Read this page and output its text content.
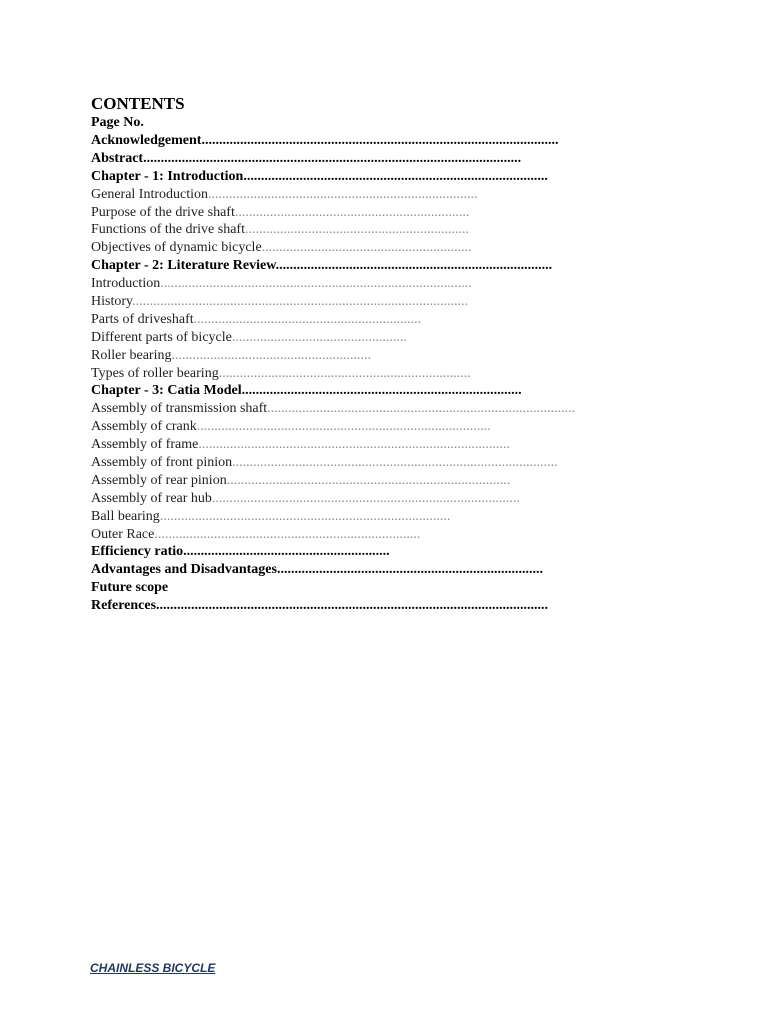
CONTENTS
Page No.
Acknowledgement......................................................................................................
Abstract............................................................................................................
Chapter - 1: Introduction.......................................................................................
General Introduction.............................................................................
Purpose of the drive shaft...................................................................
Functions of the drive shaft................................................................
Objectives of dynamic bicycle............................................................
Chapter - 2: Literature Review...............................................................................
Introduction.........................................................................................
History................................................................................................
Parts of driveshaft.................................................................
Different parts of bicycle..................................................
Roller bearing.........................................................
Types of roller bearing........................................................................
Chapter - 3: Catia Model................................................................................
Assembly of transmission shaft........................................................................................
Assembly of crank....................................................................................
Assembly of frame.........................................................................................
Assembly of front pinion.............................................................................................
Assembly of rear pinion.................................................................................
Assembly of rear hub........................................................................................
Ball bearing...................................................................................
Outer Race............................................................................
Efficiency ratio...........................................................
Advantages and Disadvantages............................................................................
Future scope
References................................................................................................................
CHAINLESS BICYCLE
